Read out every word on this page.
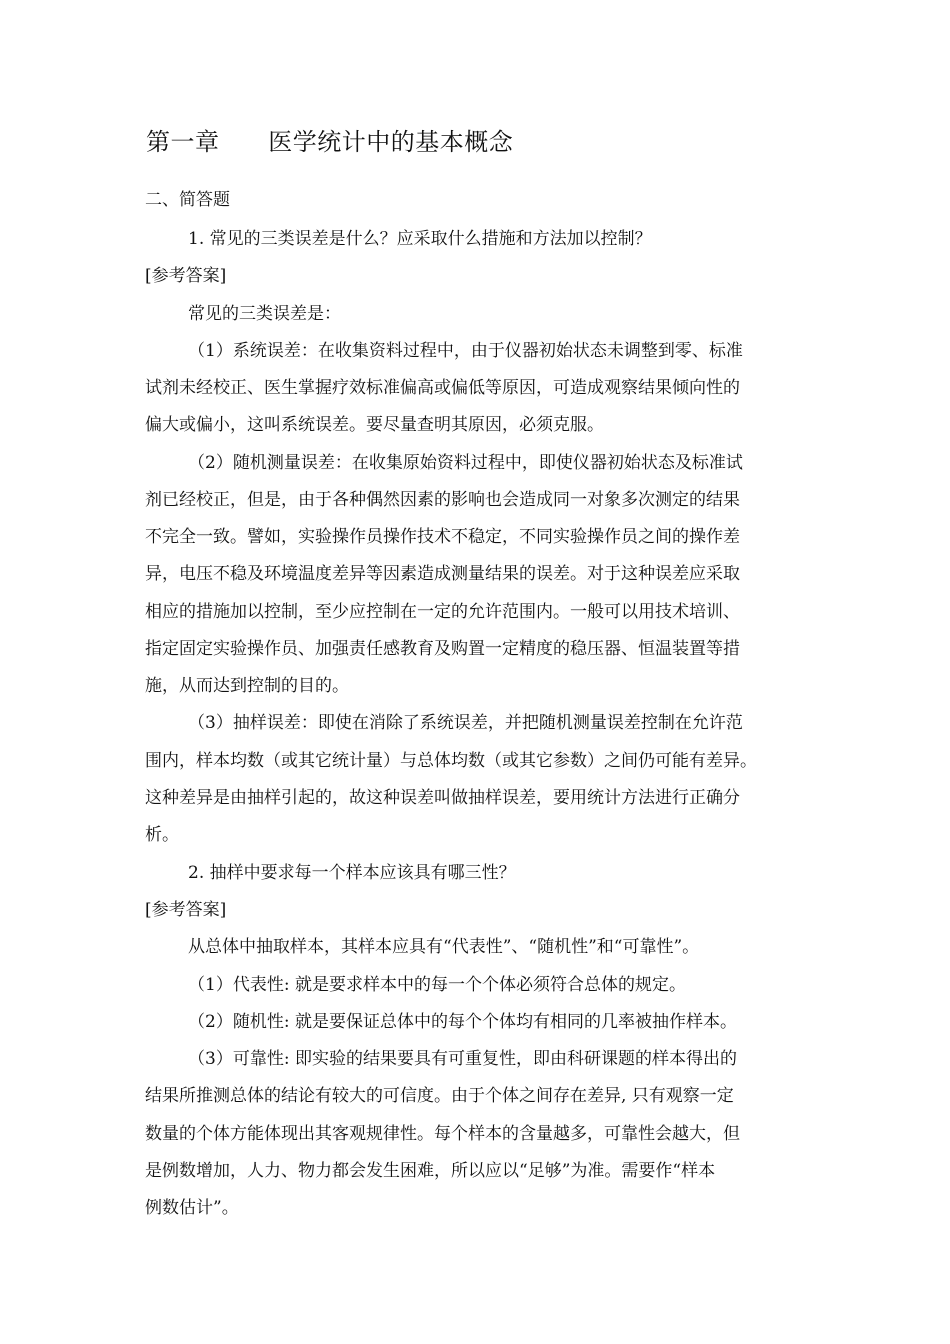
第一章      医学统计中的基本概念
二、简答题
1. 常见的三类误差是什么？应采取什么措施和方法加以控制？
[参考答案]
常见的三类误差是：
（1）系统误差：在收集资料过程中，由于仪器初始状态未调整到零、标准
试剂未经校正、医生掌握疗效标准偏高或偏低等原因，可造成观察结果倾向性的
偏大或偏小，这叫系统误差。要尽量查明其原因，必须克服。
（2）随机测量误差：在收集原始资料过程中，即使仪器初始状态及标准试
剂已经校正，但是，由于各种偶然因素的影响也会造成同一对象多次测定的结果
不完全一致。譬如，实验操作员操作技术不稳定，不同实验操作员之间的操作差
异，电压不稳及环境温度差异等因素造成测量结果的误差。对于这种误差应采取
相应的措施加以控制，至少应控制在一定的允许范围内。一般可以用技术培训、
指定固定实验操作员、加强责任感教育及购置一定精度的稳压器、恒温装置等措
施，从而达到控制的目的。
（3）抽样误差：即使在消除了系统误差，并把随机测量误差控制在允许范
围内，样本均数（或其它统计量）与总体均数（或其它参数）之间仍可能有差异。
这种差异是由抽样引起的，故这种误差叫做抽样误差，要用统计方法进行正确分
析。
2. 抽样中要求每一个样本应该具有哪三性？
[参考答案]
从总体中抽取样本，其样本应具有“代表性”、“随机性”和“可靠性”。
（1）代表性: 就是要求样本中的每一个个体必须符合总体的规定。
（2）随机性: 就是要保证总体中的每个个体均有相同的几率被抽作样本。
（3）可靠性: 即实验的结果要具有可重复性，即由科研课题的样本得出的
结果所推测总体的结论有较大的可信度。由于个体之间存在差异, 只有观察一定
数量的个体方能体现出其客观规律性。每个样本的含量越多，可靠性会越大，但
是例数增加，人力、物力都会发生困难，所以应以“足够”为准。需要作“样本
例数估计”。
